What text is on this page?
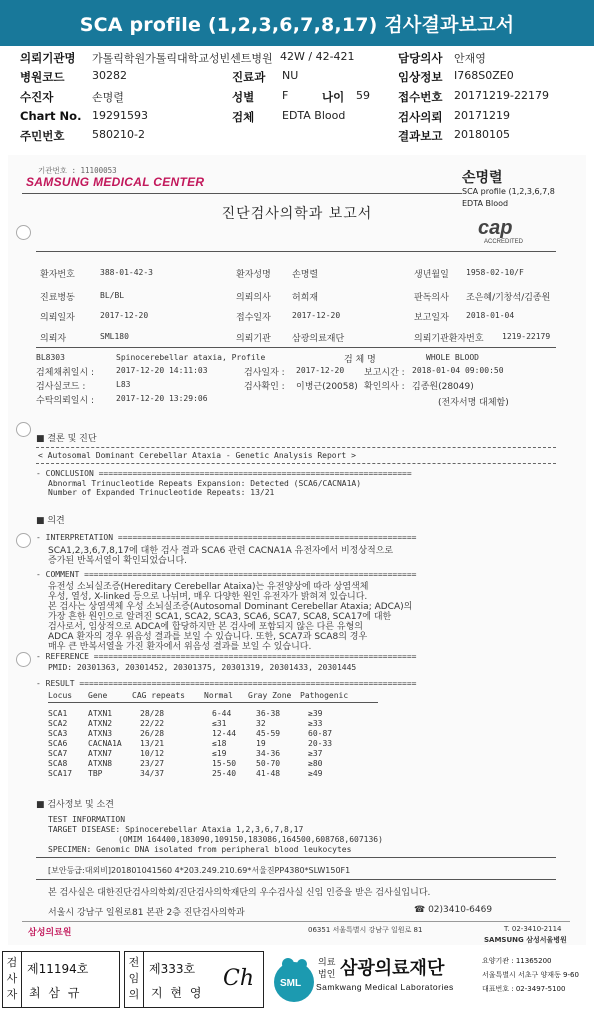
SCA profile (1,2,3,6,7,8,17) 검사결과보고서
의뢰기관명 가톨릭학원가톨릭대학교성빈센트병원 42W / 42-421	담당의사 안재영
병원코드	30282	진료과 NU	임상정보 I768S0ZE0
수진자	손명렬	성별	F	나이 59 접수번호 20171219-22179
Chart No. 19291593	검체	EDTA Blood	검사의뢰 20171219
주민번호	580210-2	결과보고 20180105
기관번호 : 11100053
SAMSUNG MEDICAL CENTER	손명렬
SCA profile (1,2,3,6,7,8
EDTA Blood
cap
ACCREDITED
진단검사의학과 보고서
환자번호	388-01-42-3	환자성명 손명렬	생년월일 1958-02-10/F
진료병동	BL/BL	의뢰의사 허희재	판독의사 조은혜/기창석/김종원
의뢰일자	2017-12-20	접수일자	2017-12-20	보고일자 2018-01-04
의뢰자	SML180	의뢰기관 삼광의료재단	의뢰기관환자번호 1219-22179
BL8303	Spinocerebellar ataxia, Profile	검 체 명	WHOLE BLOOD
검체채취일시 :	2017-12-20 14:11:03	검사일자 : 2017-12-20 보고시간 : 2018-01-04 09:00:50
검사실코드 :	L83	검사확인 : 이병근(20058) 확인의사 : 김종원(28049)
수탁의뢰일시 :	2017-12-20 13:29:06	(전자서명 대체함)
■ 결론 및 진단
< Autosomal Dominant Cerebellar Ataxia - Genetic Analysis Report >
- CONCLUSION =================================================================
Abnormal Trinucleotide Repeats Expansion: Detected (SCA6/CACNA1A)
Number of Expanded Trinucleotide Repeats: 13/21
■ 의견
- INTERPRETATION ==============================================================
SCA1,2,3,6,7,8,17에 대한 검사 결과 SCA6 관련 CACNA1A 유전자에서 비정상적으로
증가된 반복서열이 확인되었습니다.
- COMMENT =====================================================================
유전성 소뇌실조증(Hereditary Cerebellar Ataixa)는 유전양상에 따라 상염색체
우성, 열성, X-linked 등으로 나뉘며, 매우 다양한 원인 유전자가 밝혀져 있습니다.
본 검사는 상염색체 우성 소뇌실조증(Autosomal Dominant Cerebellar Ataxia; ADCA)의
가장 흔한 원인으로 알려진 SCA1, SCA2, SCA3, SCA6, SCA7, SCA8, SCA17에 대한
검사로서, 임상적으로 ADCA에 합당하지만 본 검사에 포함되지 않은 다른 유형의
ADCA 환자의 경우 위음성 결과를 보일 수 있습니다. 또한, SCA7과 SCA8의 경우
매우 큰 반복서열을 가진 환자에서 위음성 결과를 보일 수 있습니다.
- REFERENCE ===================================================================
PMID: 20301363, 20301452, 20301375, 20301319, 20301433, 20301445
- RESULT ======================================================================
Locus Gene	CAG repeats Normal Gray Zone Pathogenic
SCA1	ATXN1	28/28	6-44	36-38	≥39
SCA2	ATXN2	22/22	≤31	32	≥33
SCA3	ATXN3	26/28	12-44 45-59	60-87
SCA6	CACNA1A 13/21	≤18	19	20-33
SCA7	ATXN7	10/12	≤19	34-36	≥37
SCA8	ATXN8	23/27	15-50 50-70	≥80
SCA17 TBP	34/37	25-40 41-48	≥49
■ 검사정보 및 소견
TEST INFORMATION
TARGET DISEASE: Spinocerebellar Ataxia 1,2,3,6,7,8,17
(OMIM 164400,183090,109150,183086,164500,608768,607136)
SPECIMEN: Genomic DNA isolated from peripheral blood leukocytes
[보안등급:대외비]201801041560 4*203.249.210.69*서울진PP4380*SLW150F1
본 검사실은 대한진단검사의학회/진단검사의학재단의 우수검사실 신임 인증을 받은 검사실입니다.
서울시 강남구 일원로81 본관 2층 진단검사의학과	☎ 02)3410-6469
삼성의료원	06351 서울특별시 강남구 일원로 81	T. 02-3410-2114
SAMSUNG 삼성서울병원
검
사
자
제11194호
최 삼 규
전
임
의
제333호
지 현 영
Ch	SML
의료
법인 삼광의료재단
Samkwang Medical Laboratories
요양기관 : 11365200
서울특별시 서초구 양재동 9-60
대표번호 : 02-3497-5100
